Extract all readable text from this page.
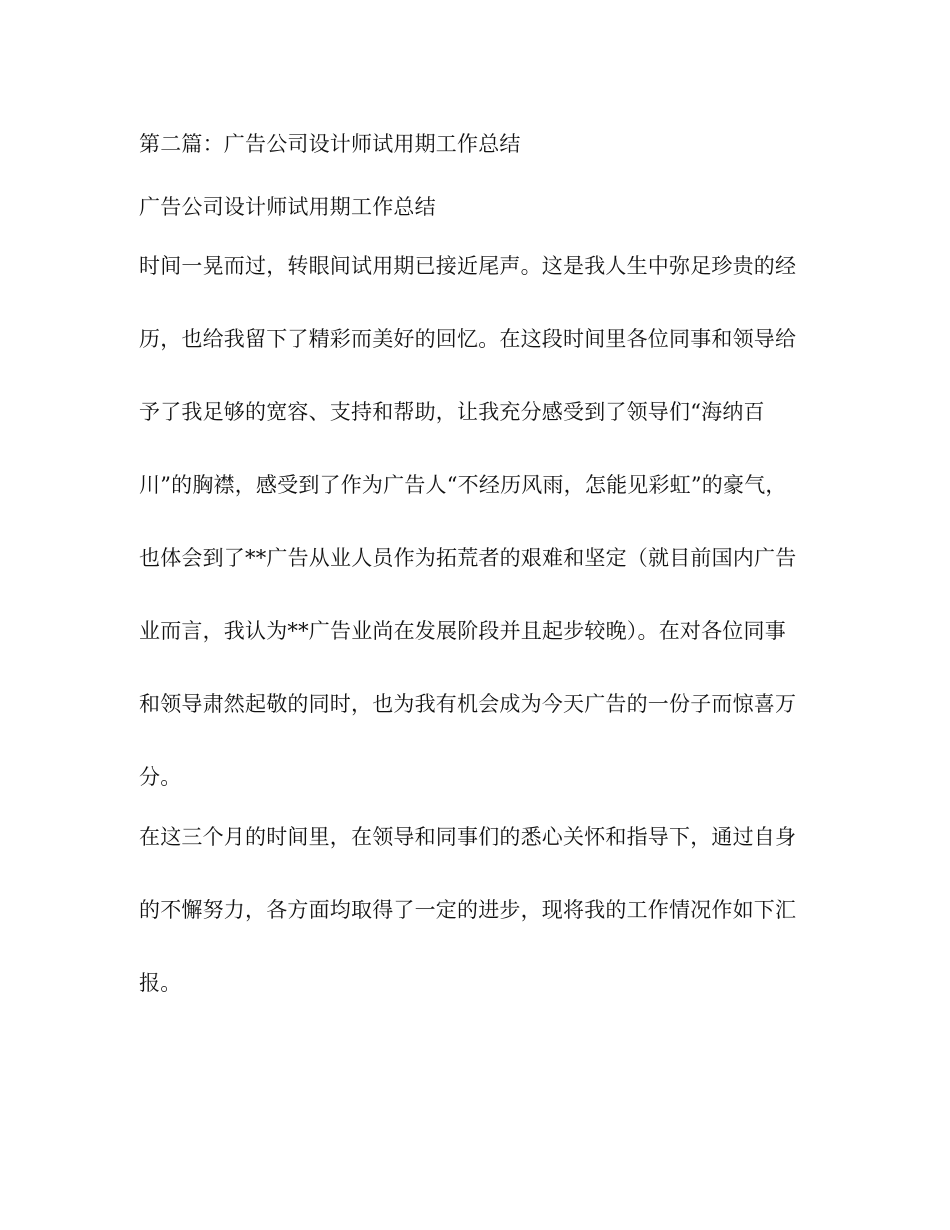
第二篇：广告公司设计师试用期工作总结

广告公司设计师试用期工作总结

时间一晃而过，转眼间试用期已接近尾声。这是我人生中弥足珍贵的经

历，也给我留下了精彩而美好的回忆。在这段时间里各位同事和领导给

予了我足够的宽容、支持和帮助，让我充分感受到了领导们“海纳百

川”的胸襟，感受到了作为广告人“不经历风雨，怎能见彩虹”的豪气，

也体会到了**广告从业人员作为拓荒者的艰难和坚定（就目前国内广告

业而言，我认为**广告业尚在发展阶段并且起步较晚）。在对各位同事

和领导肃然起敬的同时，也为我有机会成为今天广告的一份子而惊喜万

分。

在这三个月的时间里，在领导和同事们的悉心关怀和指导下，通过自身

的不懈努力，各方面均取得了一定的进步，现将我的工作情况作如下汇

报。
